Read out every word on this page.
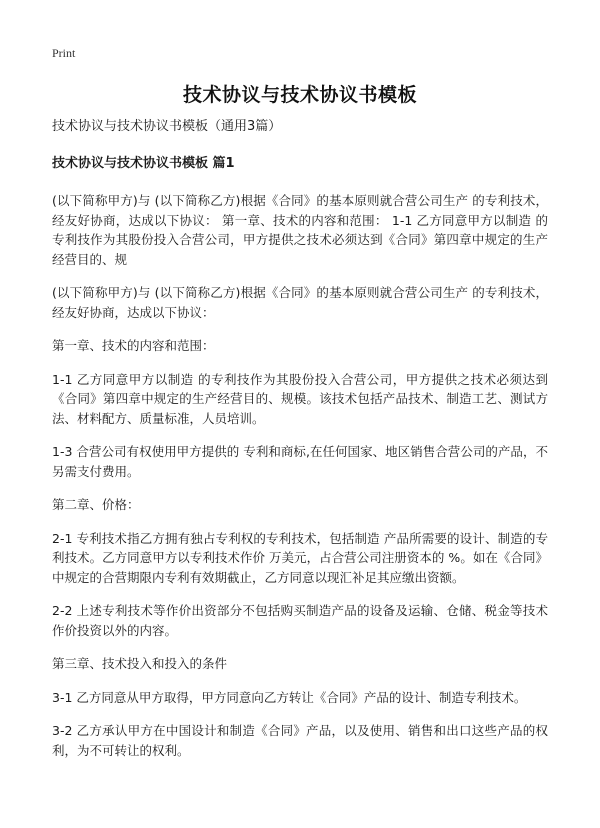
Print
技术协议与技术协议书模板

技术协议与技术协议书模板（通用3篇）

技术协议与技术协议书模板 篇1

(以下简称甲方)与 (以下简称乙方)根据《合同》的基本原则就合营公司生产 的专利技术，经友好协商，达成以下协议： 第一章、技术的内容和范围： 1-1 乙方同意甲方以制造 的专利技作为其股份投入合营公司，甲方提供之技术必须达到《合同》第四章中规定的生产经营目的、规

(以下简称甲方)与 (以下简称乙方)根据《合同》的基本原则就合营公司生产 的专利技术，经友好协商，达成以下协议：

第一章、技术的内容和范围：

1-1 乙方同意甲方以制造 的专利技作为其股份投入合营公司，甲方提供之技术必须达到《合同》第四章中规定的生产经营目的、规模。该技术包括产品技术、制造工艺、测试方法、材料配方、质量标准，人员培训。

1-3 合营公司有权使用甲方提供的 专利和商标,在任何国家、地区销售合营公司的产品，不另需支付费用。

第二章、价格：

2-1 专利技术指乙方拥有独占专利权的专利技术，包括制造 产品所需要的设计、制造的专利技术。乙方同意甲方以专利技术作价 万美元，占合营公司注册资本的 %。如在《合同》中规定的合营期限内专利有效期截止，乙方同意以现汇补足其应缴出资额。

2-2 上述专利技术等作价出资部分不包括购买制造产品的设备及运输、仓储、税金等技术作价投资以外的内容。

第三章、技术投入和投入的条件

3-1 乙方同意从甲方取得，甲方同意向乙方转让《合同》产品的设计、制造专利技术。

3-2 乙方承认甲方在中国设计和制造《合同》产品，以及使用、销售和出口这些产品的权利，为不可转让的权利。
